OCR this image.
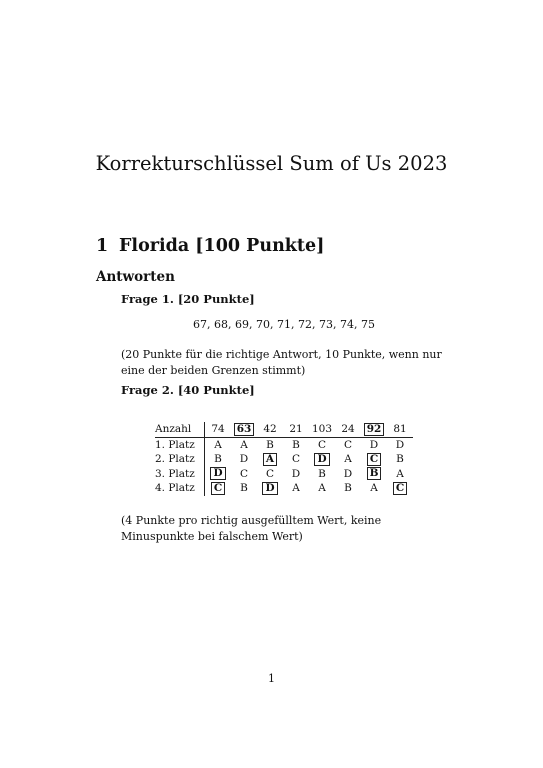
Korrekturschlüssel Sum of Us 2023
1 Florida [100 Punkte]
Antworten
Frage 1. [20 Punkte]
67, 68, 69, 70, 71, 72, 73, 74, 75
(20 Punkte für die richtige Antwort, 10 Punkte, wenn nur eine der beiden Grenzen stimmt)
Frage 2. [40 Punkte]
Anzahl	74	63	42	21	103	24	92	81
1. Platz	A	A	B	B	C	C	D	D
2. Platz	B	D	A	C	D	A	C	B
3. Platz	D	C	C	D	B	D	B	A
4. Platz	C	B	D	A	A	B	A	C
(4 Punkte pro richtig ausgefülltem Wert, keine Minuspunkte bei falschem Wert)
1
